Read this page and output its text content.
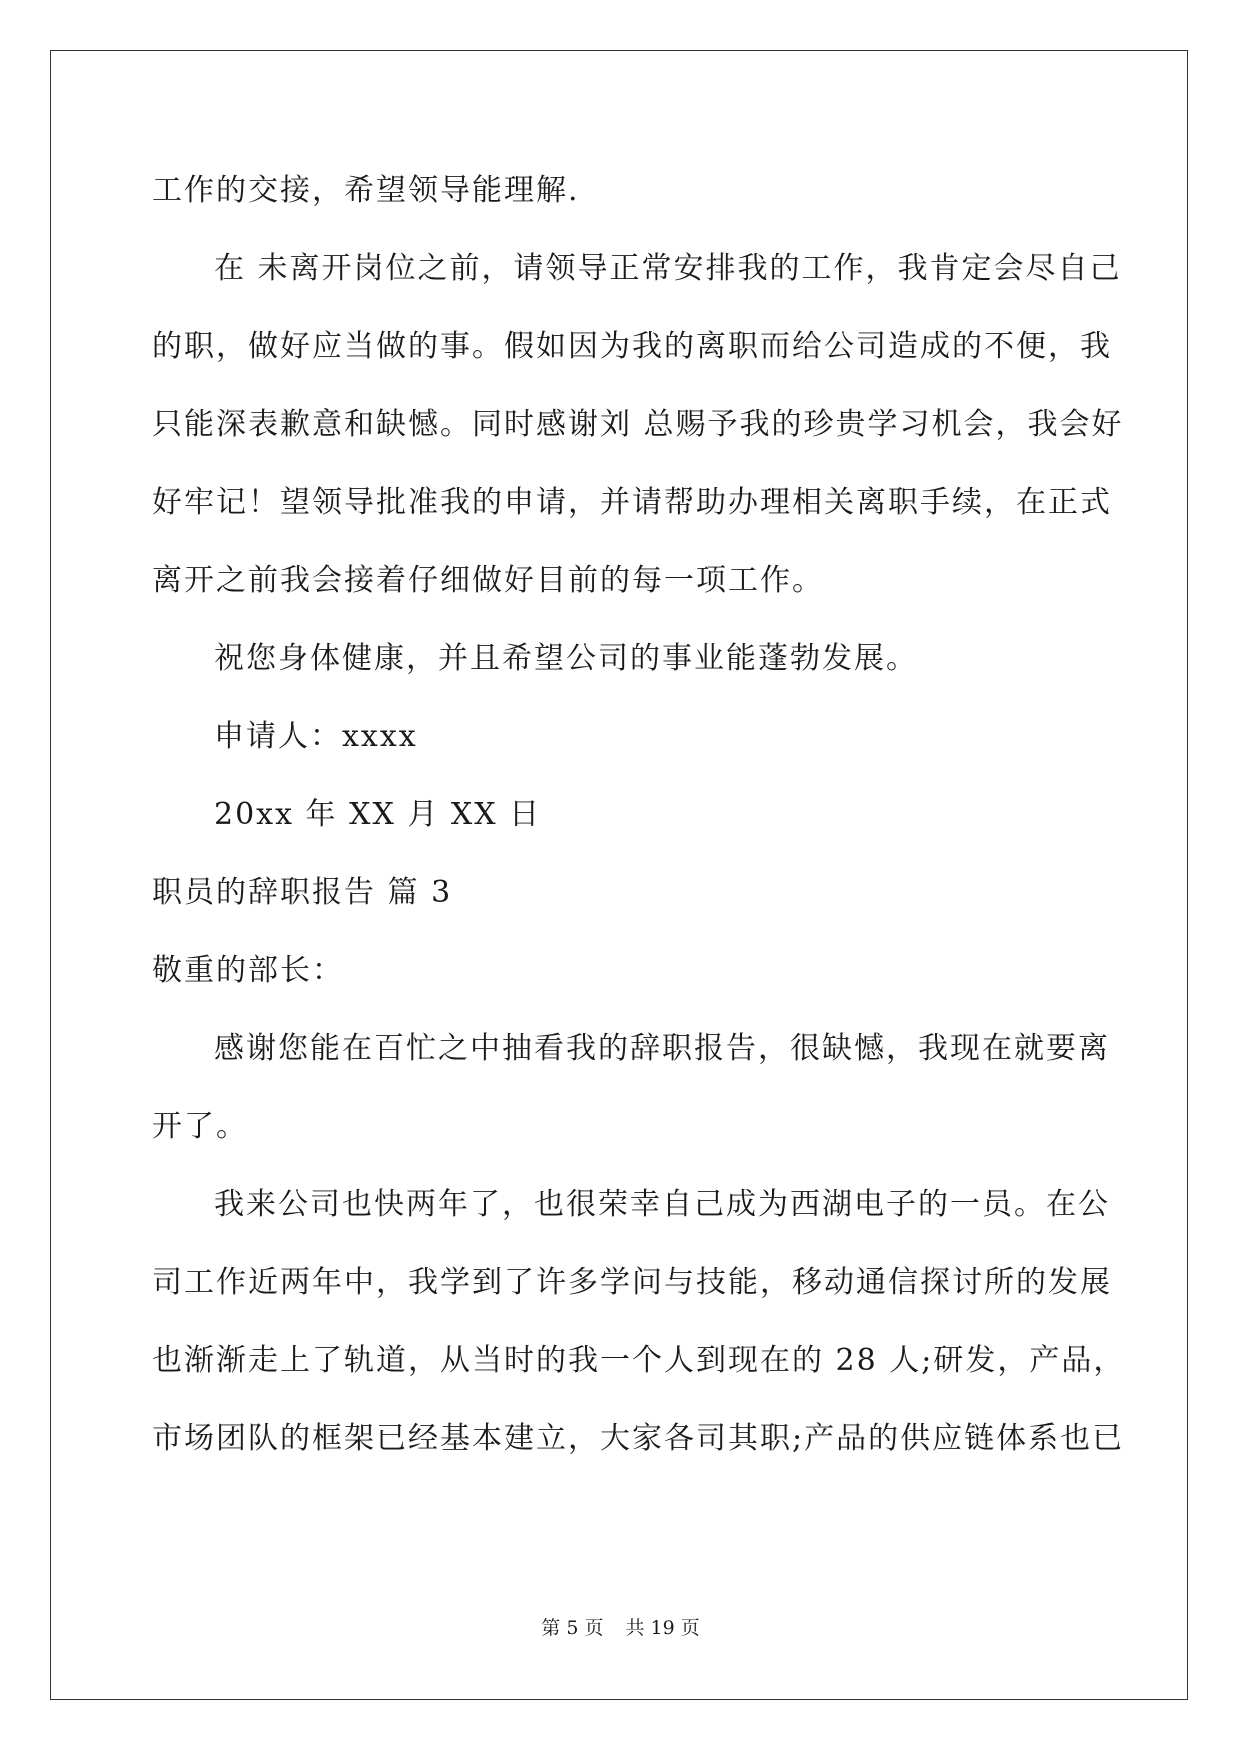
工作的交接，希望领导能理解.
在 未离开岗位之前，请领导正常安排我的工作，我肯定会尽自己
的职，做好应当做的事。假如因为我的离职而给公司造成的不便，我
只能深表歉意和缺憾。同时感谢刘 总赐予我的珍贵学习机会，我会好
好牢记！望领导批准我的申请，并请帮助办理相关离职手续，在正式
离开之前我会接着仔细做好目前的每一项工作。
祝您身体健康，并且希望公司的事业能蓬勃发展。
申请人：xxxx
20xx 年 XX 月 XX 日
职员的辞职报告 篇 3
敬重的部长：
感谢您能在百忙之中抽看我的辞职报告，很缺憾，我现在就要离
开了。
我来公司也快两年了，也很荣幸自己成为西湖电子的一员。在公
司工作近两年中，我学到了许多学问与技能，移动通信探讨所的发展
也渐渐走上了轨道，从当时的我一个人到现在的 28 人;研发，产品，
市场团队的框架已经基本建立，大家各司其职;产品的供应链体系也已
第 5 页 共 19 页
